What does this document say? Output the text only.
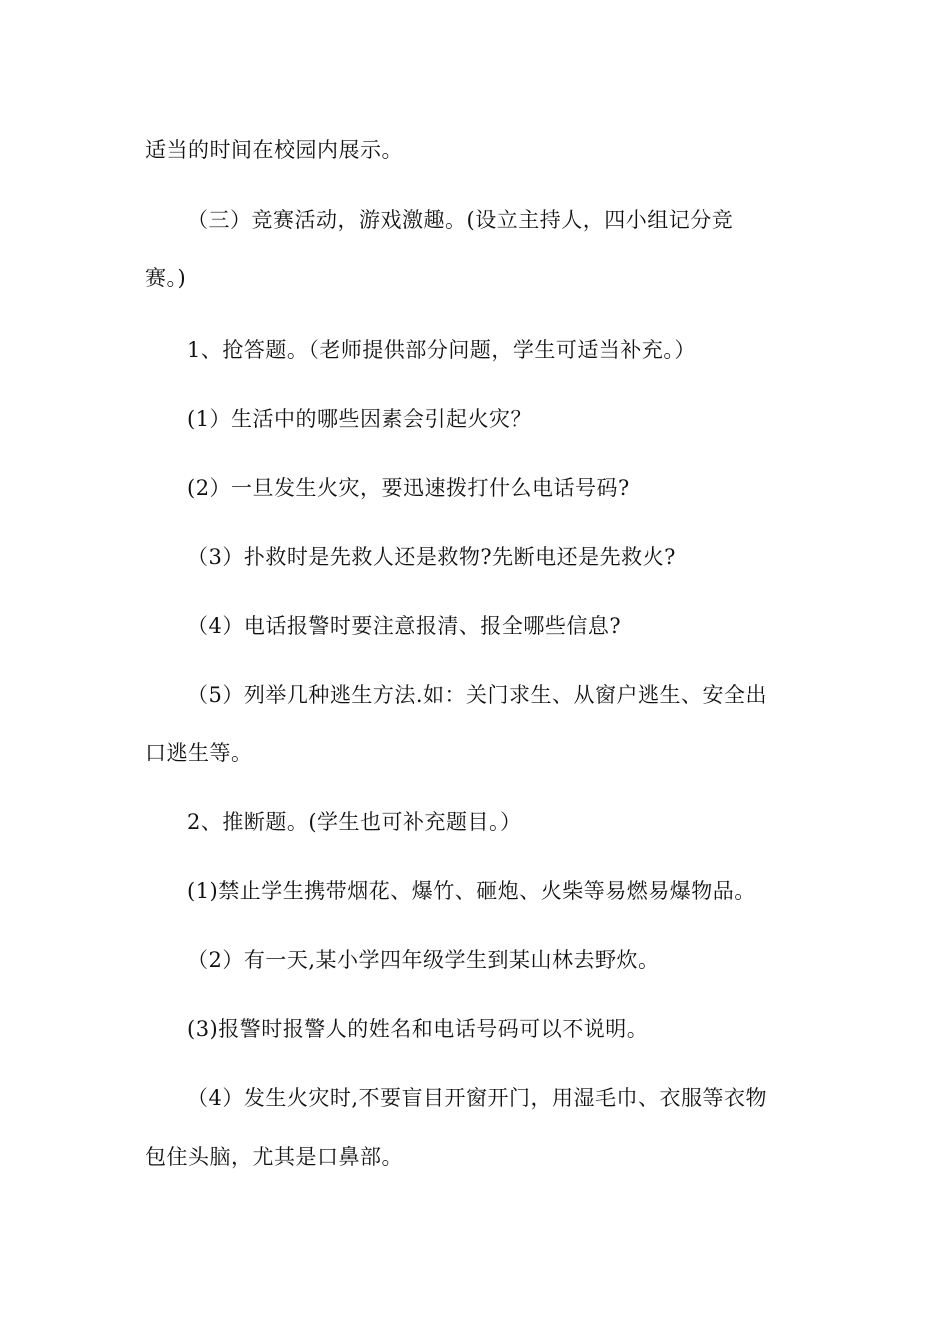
适当的时间在校园内展示。

（三）竞赛活动，游戏激趣。(设立主持人，四小组记分竞

赛。)

1、抢答题。（老师提供部分问题，学生可适当补充。）

(1）生活中的哪些因素会引起火灾？

(2）一旦发生火灾，要迅速拨打什么电话号码?

（3）扑救时是先救人还是救物?先断电还是先救火?

（4）电话报警时要注意报清、报全哪些信息?

（5）列举几种逃生方法.如：关门求生、从窗户逃生、安全出

口逃生等。

2、推断题。(学生也可补充题目。）

(1)禁止学生携带烟花、爆竹、砸炮、火柴等易燃易爆物品。

（2）有一天,某小学四年级学生到某山林去野炊。

(3)报警时报警人的姓名和电话号码可以不说明。

（4）发生火灾时,不要盲目开窗开门，用湿毛巾、衣服等衣物

包住头脑，尤其是口鼻部。
